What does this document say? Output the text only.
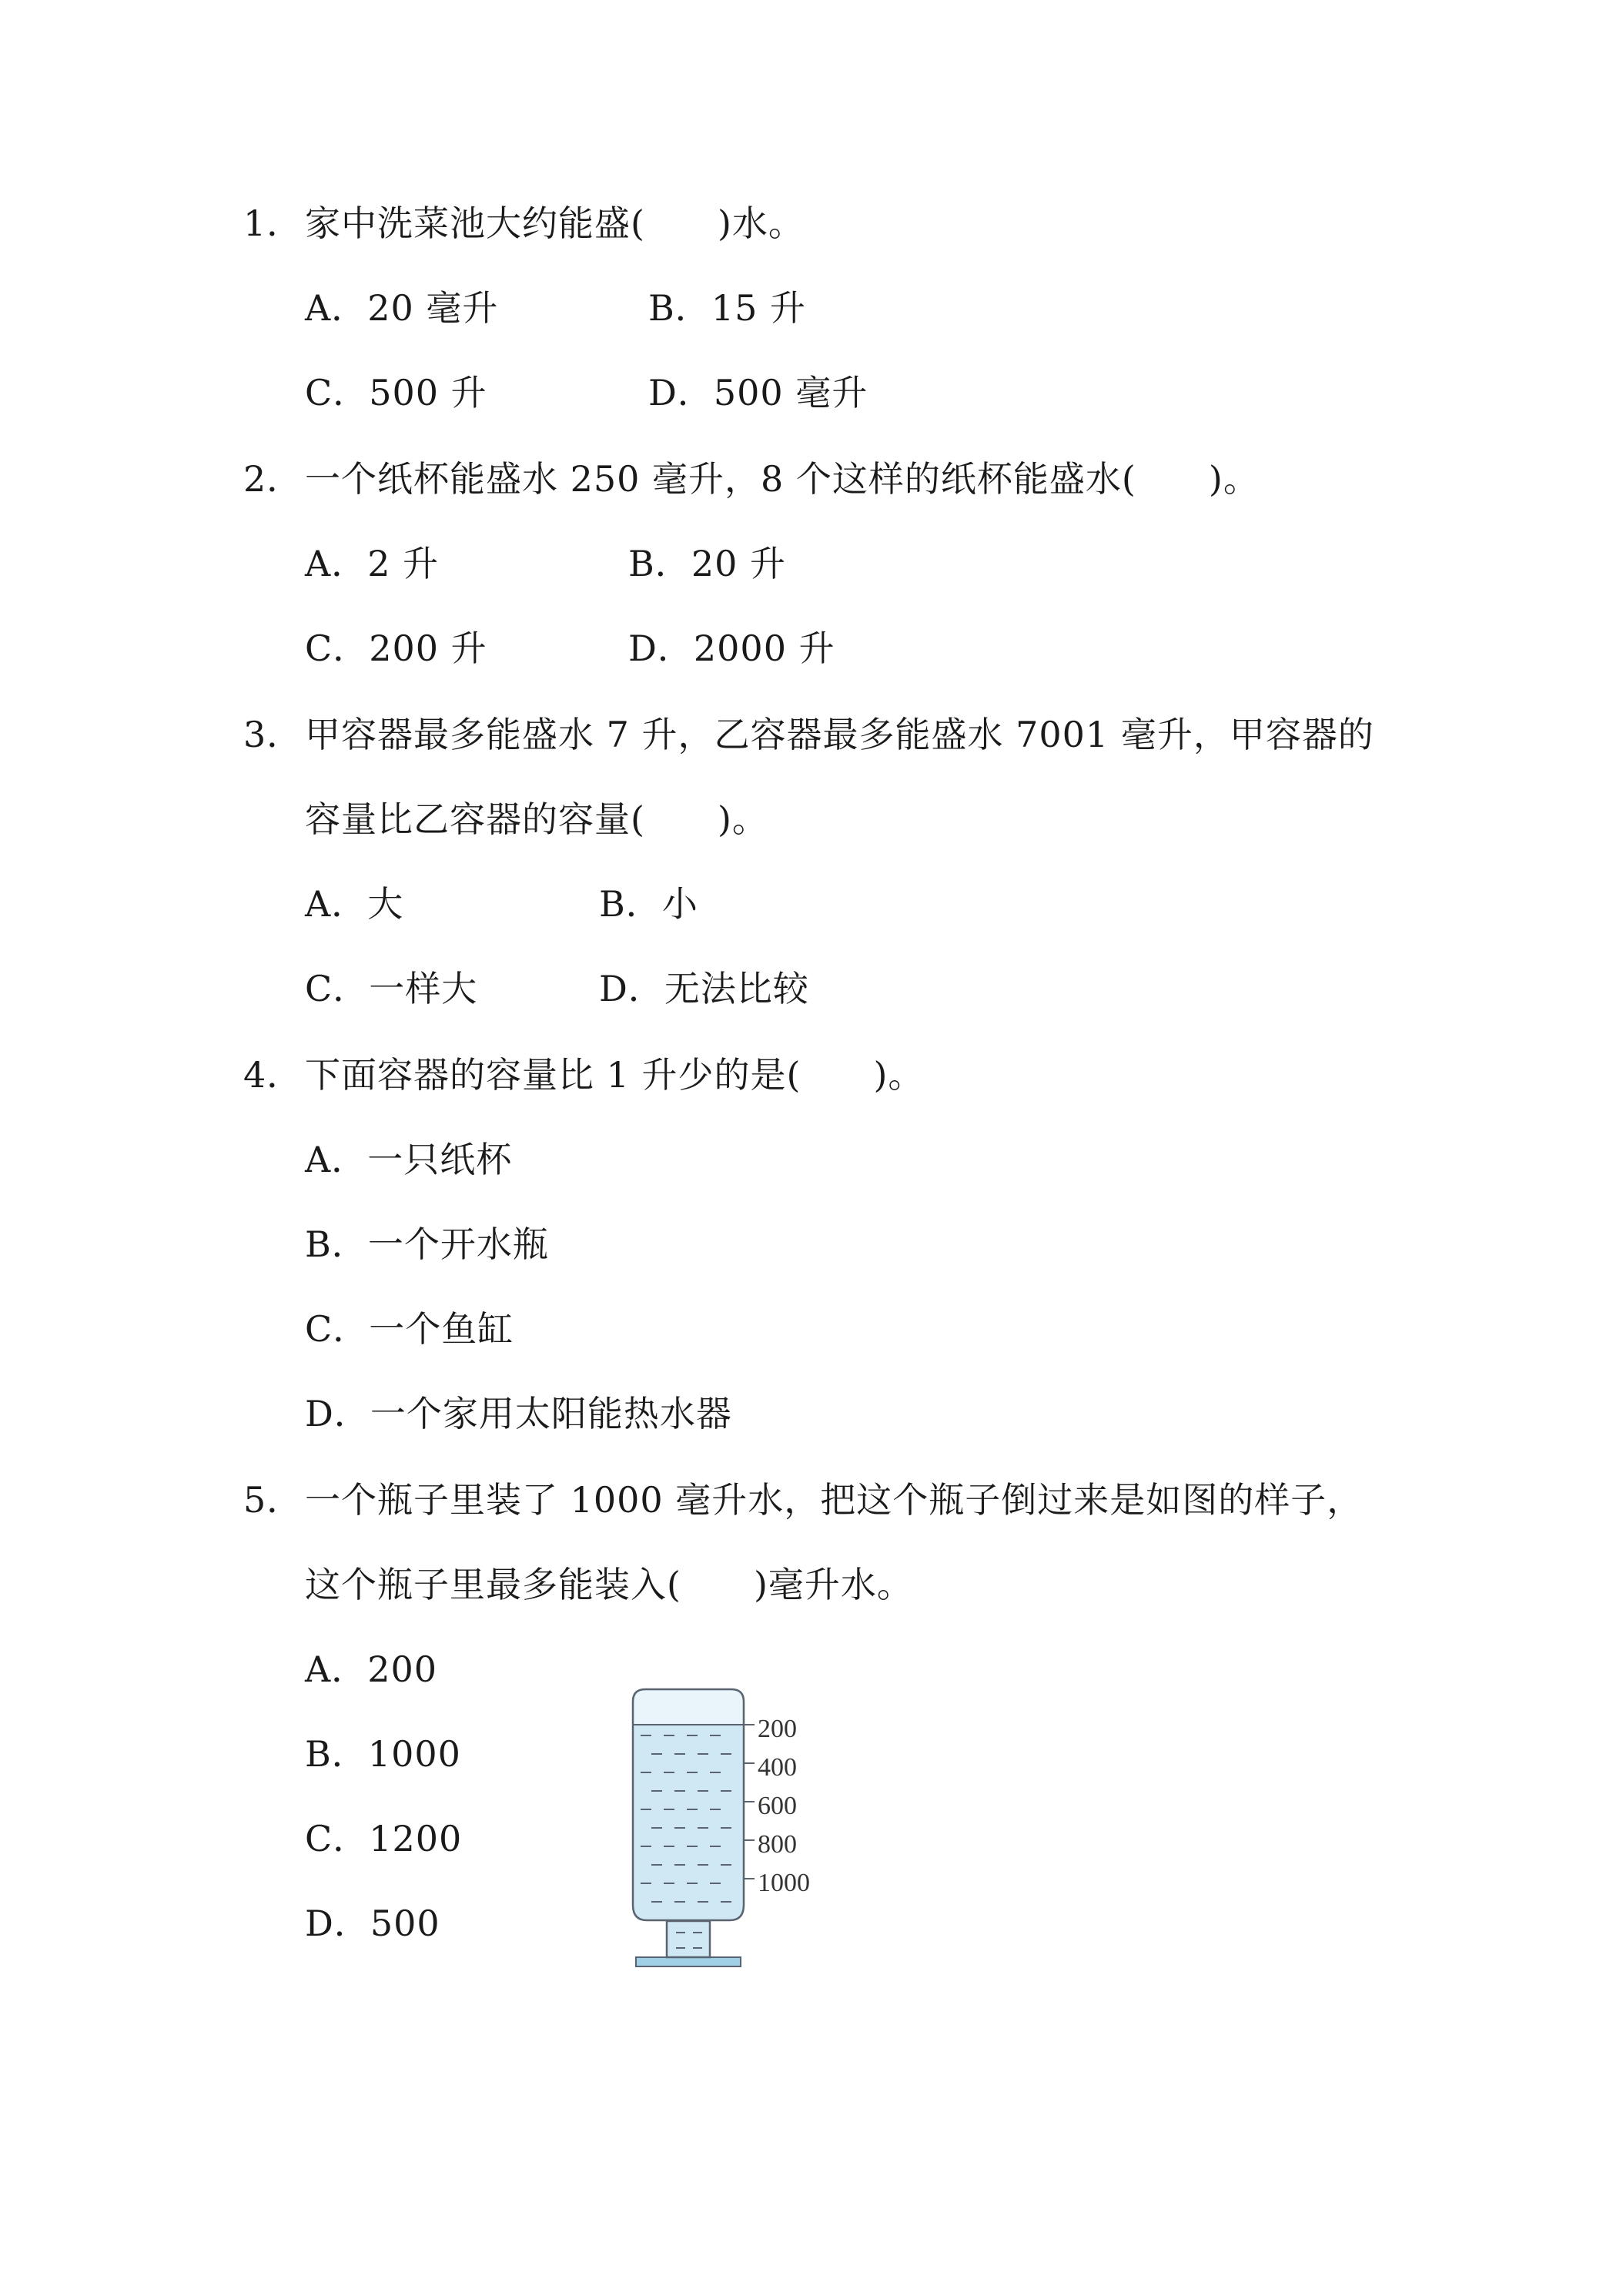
1． 家中洗菜池大约能盛(　　)水。
A．20 毫升	B．15 升
C．500 升	D．500 毫升
2． 一个纸杯能盛水 250 毫升，8 个这样的纸杯能盛水(　　)。
A．2 升	B．20 升
C．200 升	D．2000 升
3． 甲容器最多能盛水 7 升，乙容器最多能盛水 7001 毫升，甲容器的
容量比乙容器的容量(　　)。
A．大	B．小
C．一样大	D．无法比较
4． 下面容器的容量比 1 升少的是(　　)。
A．一只纸杯
B．一个开水瓶
C．一个鱼缸
D．一个家用太阳能热水器
5． 一个瓶子里装了 1000 毫升水，把这个瓶子倒过来是如图的样子，
这个瓶子里最多能装入(　　)毫升水。
A．200
B．1000
C．1200
D．500
200
400
600
800
1000
